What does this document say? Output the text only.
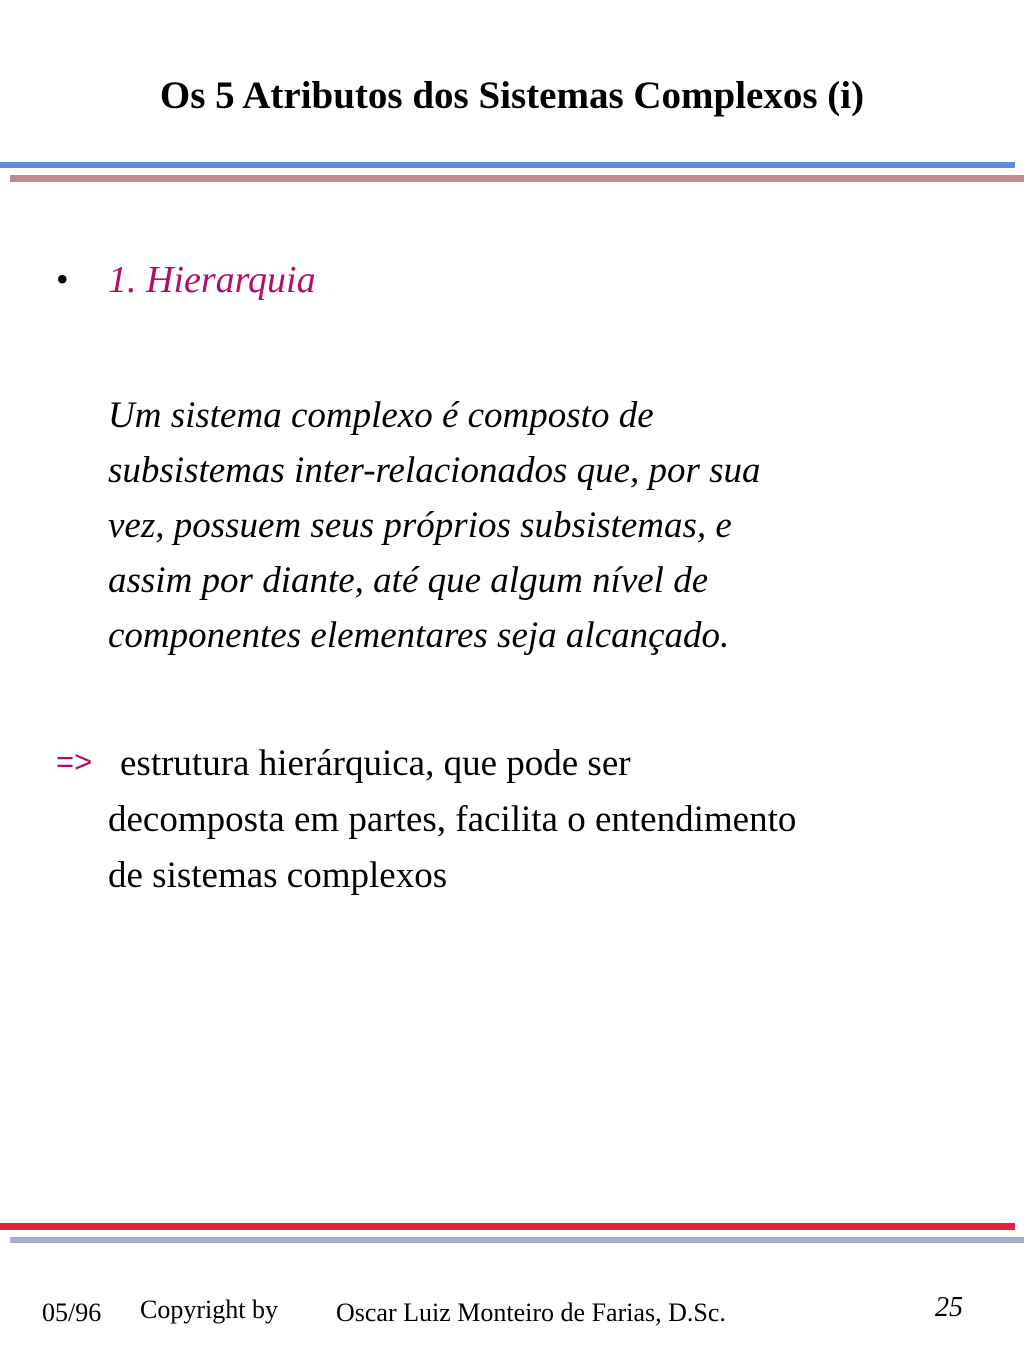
Os 5 Atributos dos Sistemas Complexos (i)
• 1. Hierarquia
Um sistema complexo é composto de
subsistemas inter-relacionados que, por sua
vez, possuem seus próprios subsistemas, e
assim por diante, até que algum nível de
componentes elementares seja alcançado.
=> estrutura hierárquica, que pode ser
decomposta em partes, facilita o entendimento
de sistemas complexos
05/96 Copyright by Oscar Luiz Monteiro de Farias, D.Sc.	25
